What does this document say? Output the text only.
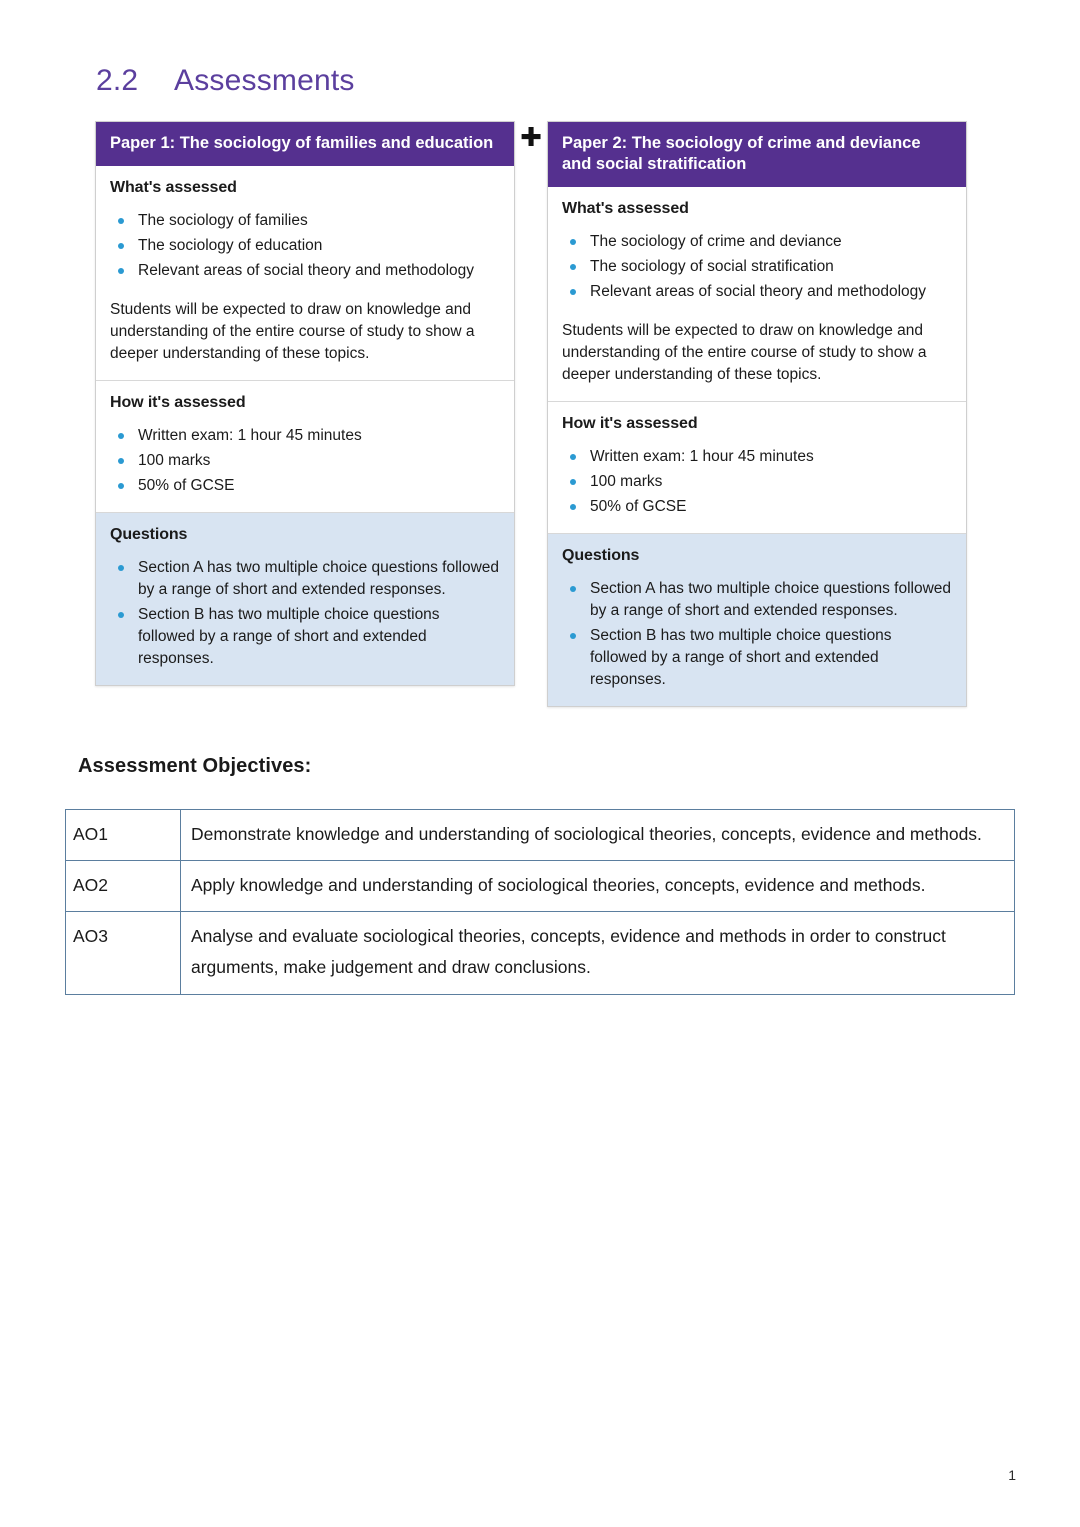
2.2	Assessments
Paper 1: The sociology of families and education
What's assessed
The sociology of families
The sociology of education
Relevant areas of social theory and methodology

Students will be expected to draw on knowledge and understanding of the entire course of study to show a deeper understanding of these topics.

How it's assessed
Written exam: 1 hour 45 minutes
100 marks
50% of GCSE
Questions
Section A has two multiple choice questions followed by a range of short and extended responses.
Section B has two multiple choice questions followed by a range of short and extended responses.
✚	Paper 2: The sociology of crime and deviance and social stratification
What's assessed
The sociology of crime and deviance
The sociology of social stratification
Relevant areas of social theory and methodology

Students will be expected to draw on knowledge and understanding of the entire course of study to show a deeper understanding of these topics.

How it's assessed
Written exam: 1 hour 45 minutes
100 marks
50% of GCSE
Questions
Section A has two multiple choice questions followed by a range of short and extended responses.
Section B has two multiple choice questions followed by a range of short and extended responses.
Assessment Objectives:
AO1	Demonstrate knowledge and understanding of sociological theories, concepts, evidence and methods.
AO2	Apply knowledge and understanding of sociological theories, concepts, evidence and methods.
AO3	Analyse and evaluate sociological theories, concepts, evidence and methods in order to construct arguments, make judgement and draw conclusions.
1
